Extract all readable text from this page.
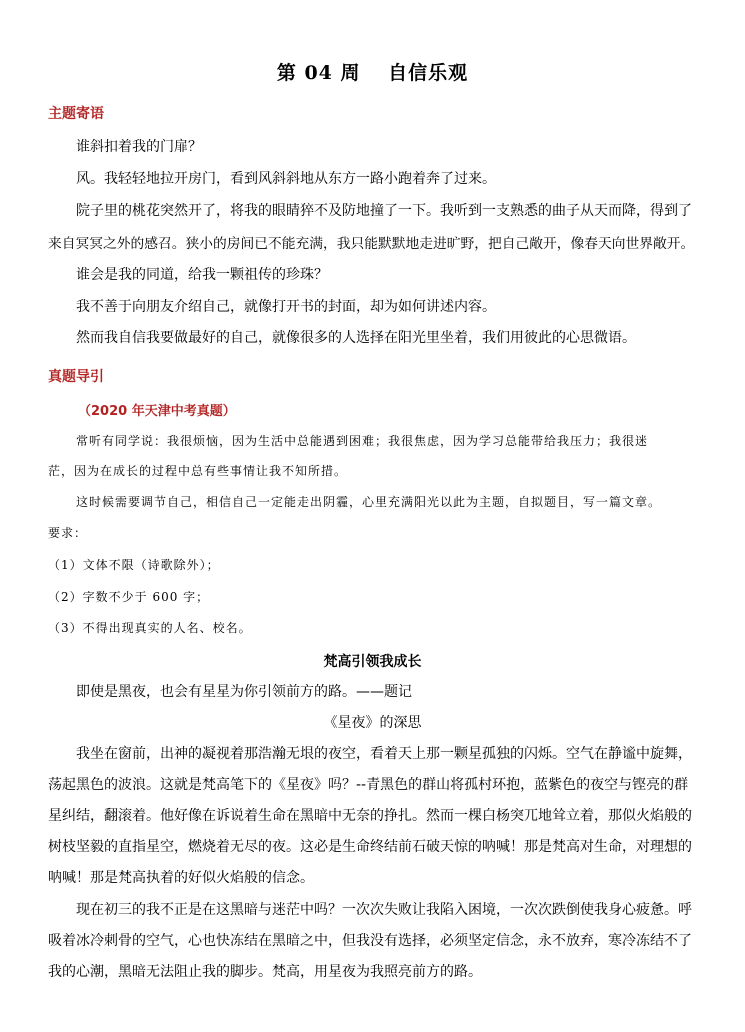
第 04 周　 自信乐观
主题寄语
谁斜扣着我的门扉？
风。我轻轻地拉开房门，看到风斜斜地从东方一路小跑着奔了过来。
院子里的桃花突然开了，将我的眼睛猝不及防地撞了一下。我听到一支熟悉的曲子从天而降，得到了
来自冥冥之外的感召。狭小的房间已不能充满，我只能默默地走进旷野，把自己敞开，像春天向世界敞开。
谁会是我的同道，给我一颗祖传的珍珠？
我不善于向朋友介绍自己，就像打开书的封面，却为如何讲述内容。
然而我自信我要做最好的自己，就像很多的人选择在阳光里坐着，我们用彼此的心思微语。
真题导引
（2020 年天津中考真题）
常听有同学说：我很烦恼，因为生活中总能遇到困难；我很焦虑，因为学习总能带给我压力；我很迷
茫，因为在成长的过程中总有些事情让我不知所措。
这时候需要调节自己，相信自己一定能走出阴霾，心里充满阳光以此为主题，自拟题目，写一篇文章。
要求：
（1）文体不限（诗歌除外）；
（2）字数不少于 600 字；
（3）不得出现真实的人名、校名。
梵高引领我成长
即使是黑夜，也会有星星为你引领前方的路。——题记
《星夜》的深思
我坐在窗前，出神的凝视着那浩瀚无垠的夜空，看着天上那一颗星孤独的闪烁。空气在静谧中旋舞，
荡起黑色的波浪。这就是梵高笔下的《星夜》吗？--青黑色的群山将孤村环抱，蓝紫色的夜空与铿亮的群
星纠结，翻滚着。他好像在诉说着生命在黑暗中无奈的挣扎。然而一棵白杨突兀地耸立着，那似火焰般的
树枝坚毅的直指星空，燃烧着无尽的夜。这必是生命终结前石破天惊的呐喊！那是梵高对生命，对理想的
呐喊！那是梵高执着的好似火焰般的信念。
现在初三的我不正是在这黑暗与迷茫中吗？一次次失败让我陷入困境，一次次跌倒使我身心疲惫。呼
吸着冰冷刺骨的空气，心也快冻结在黑暗之中，但我没有选择，必须坚定信念，永不放弃，寒冷冻结不了
我的心潮，黑暗无法阻止我的脚步。梵高，用星夜为我照亮前方的路。
